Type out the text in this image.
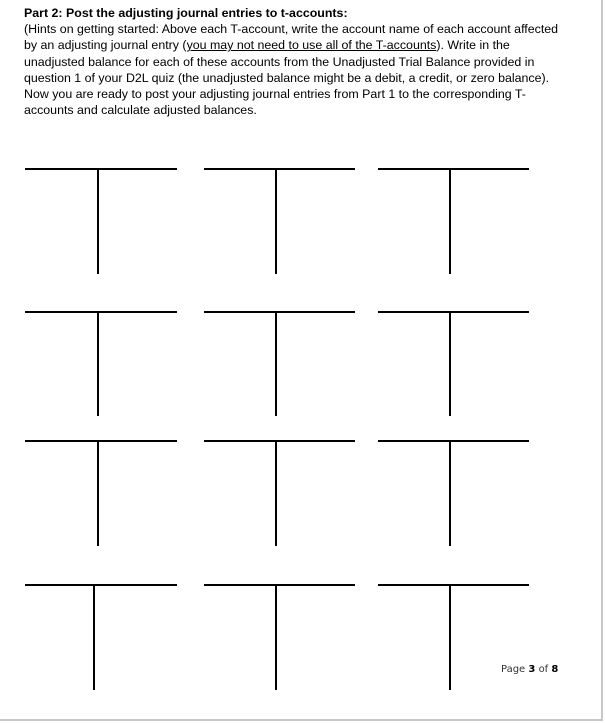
Part 2: Post the adjusting journal entries to t-accounts:
(Hints on getting started: Above each T-account, write the account name of each account affected by an adjusting journal entry (you may not need to use all of the T-accounts). Write in the unadjusted balance for each of these accounts from the Unadjusted Trial Balance provided in question 1 of your D2L quiz (the unadjusted balance might be a debit, a credit, or zero balance). Now you are ready to post your adjusting journal entries from Part 1 to the corresponding T-accounts and calculate adjusted balances.
Page 3 of 8
